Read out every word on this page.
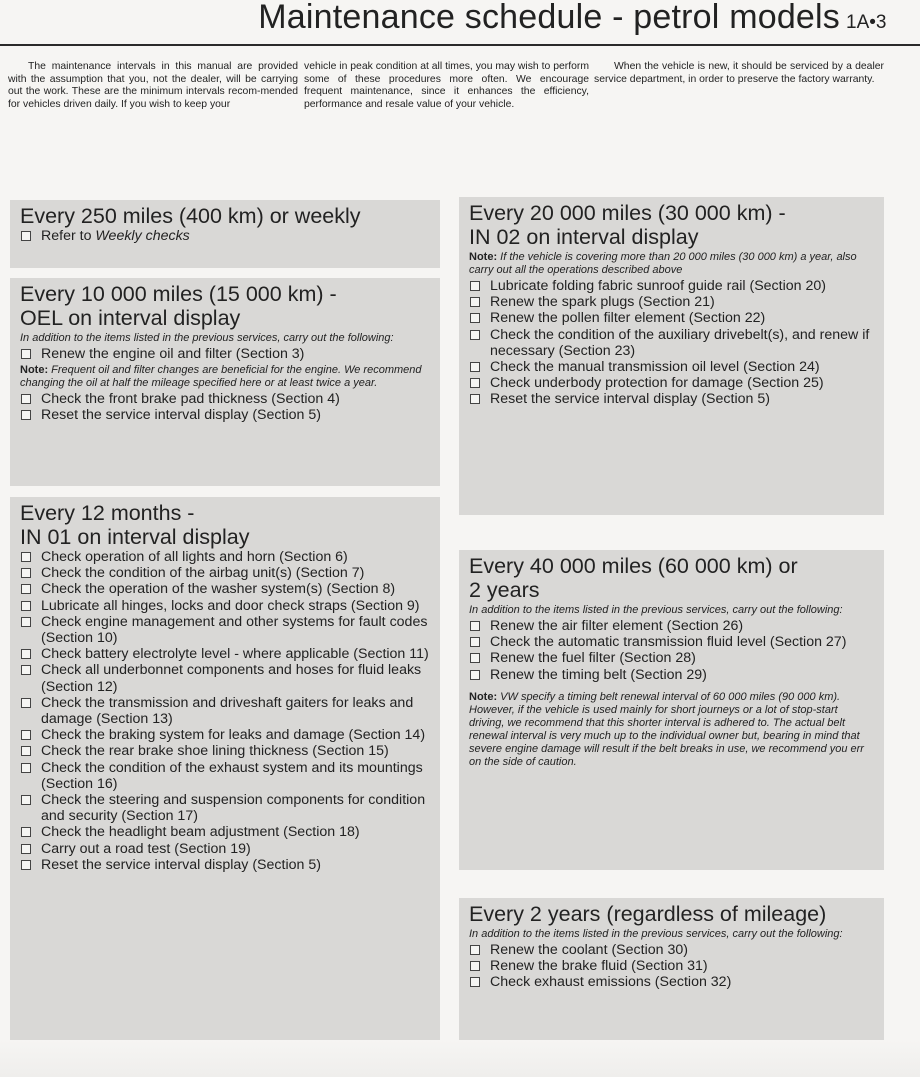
Maintenance schedule - petrol models 1A•3

The maintenance intervals in this manual are provided with the assumption that you, not the dealer, will be carrying out the work. These are the minimum intervals recom-mended for vehicles driven daily. If you wish to keep your

vehicle in peak condition at all times, you may wish to perform some of these procedures more often. We encourage frequent maintenance, since it enhances the efficiency, performance and resale value of your vehicle.

When the vehicle is new, it should be serviced by a dealer service department, in order to preserve the factory warranty.

Every 250 miles (400 km) or weekly
Refer to Weekly checks
Every 10 000 miles (15 000 km) -
OEL on interval display
In addition to the items listed in the previous services, carry out the following:
Renew the engine oil and filter (Section 3)
Note: Frequent oil and filter changes are beneficial for the engine. We recommend changing the oil at half the mileage specified here or at least twice a year.
Check the front brake pad thickness (Section 4)
Reset the service interval display (Section 5)
Every 12 months -
IN 01 on interval display
Check operation of all lights and horn (Section 6)
Check the condition of the airbag unit(s) (Section 7)
Check the operation of the washer system(s) (Section 8)
Lubricate all hinges, locks and door check straps (Section 9)
Check engine management and other systems for fault codes (Section 10)
Check battery electrolyte level - where applicable (Section 11)
Check all underbonnet components and hoses for fluid leaks (Section 12)
Check the transmission and driveshaft gaiters for leaks and damage (Section 13)
Check the braking system for leaks and damage (Section 14)
Check the rear brake shoe lining thickness (Section 15)
Check the condition of the exhaust system and its mountings (Section 16)
Check the steering and suspension components for condition and security (Section 17)
Check the headlight beam adjustment (Section 18)
Carry out a road test (Section 19)
Reset the service interval display (Section 5)
Every 20 000 miles (30 000 km) -
IN 02 on interval display
Note: If the vehicle is covering more than 20 000 miles (30 000 km) a year, also carry out all the operations described above
Lubricate folding fabric sunroof guide rail (Section 20)
Renew the spark plugs (Section 21)
Renew the pollen filter element (Section 22)
Check the condition of the auxiliary drivebelt(s), and renew if necessary (Section 23)
Check the manual transmission oil level (Section 24)
Check underbody protection for damage (Section 25)
Reset the service interval display (Section 5)
Every 40 000 miles (60 000 km) or
2 years
In addition to the items listed in the previous services, carry out the following:
Renew the air filter element (Section 26)
Check the automatic transmission fluid level (Section 27)
Renew the fuel filter (Section 28)
Renew the timing belt (Section 29)
Note: VW specify a timing belt renewal interval of 60 000 miles (90 000 km). However, if the vehicle is used mainly for short journeys or a lot of stop-start driving, we recommend that this shorter interval is adhered to. The actual belt renewal interval is very much up to the individual owner but, bearing in mind that severe engine damage will result if the belt breaks in use, we recommend you err on the side of caution.
Every 2 years (regardless of mileage)
In addition to the items listed in the previous services, carry out the following:
Renew the coolant (Section 30)
Renew the brake fluid (Section 31)
Check exhaust emissions (Section 32)
